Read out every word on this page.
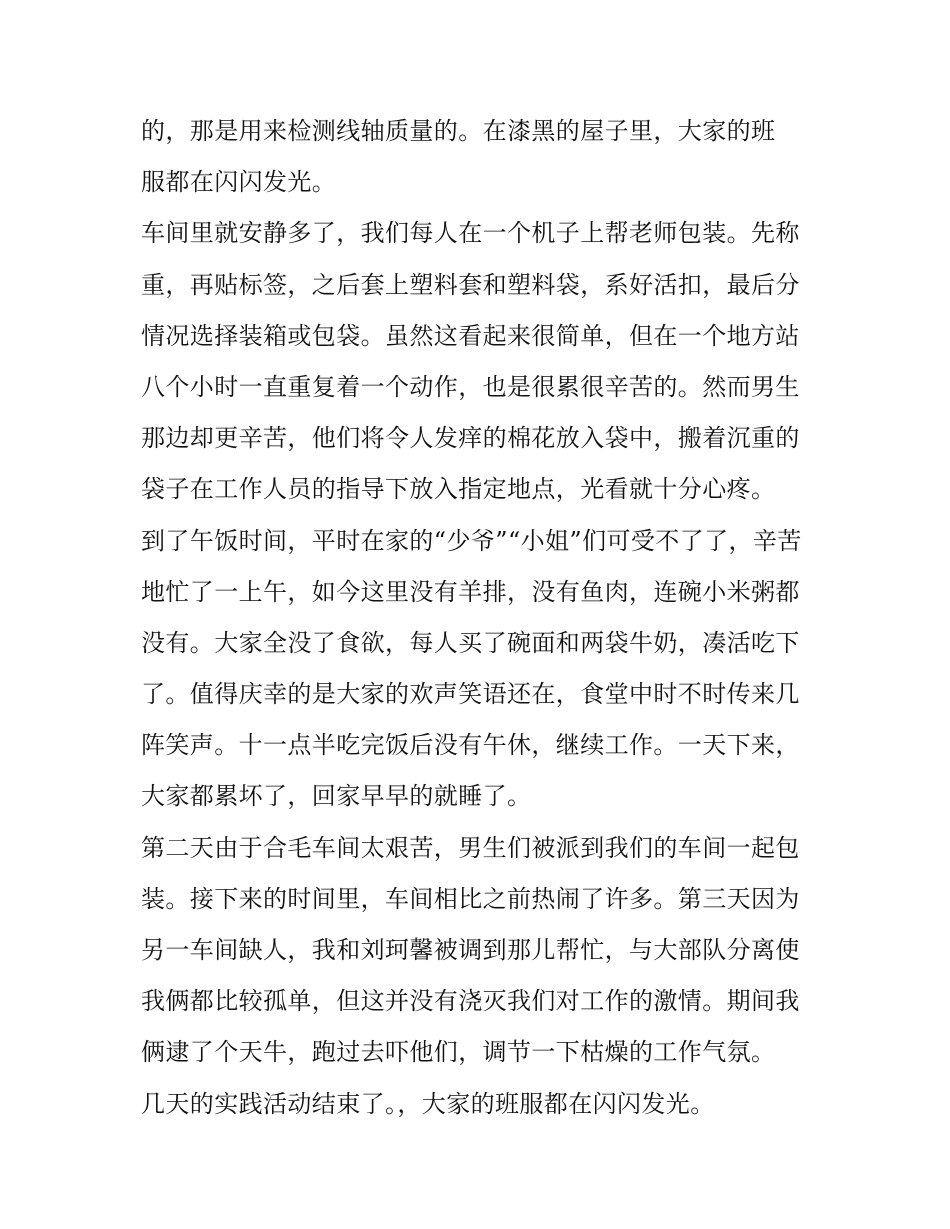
的，那是用来检测线轴质量的。在漆黑的屋子里，大家的班
服都在闪闪发光。
车间里就安静多了，我们每人在一个机子上帮老师包装。先称
重，再贴标签，之后套上塑料套和塑料袋，系好活扣，最后分
情况选择装箱或包袋。虽然这看起来很简单，但在一个地方站
八个小时一直重复着一个动作，也是很累很辛苦的。然而男生
那边却更辛苦，他们将令人发痒的棉花放入袋中，搬着沉重的
袋子在工作人员的指导下放入指定地点，光看就十分心疼。
到了午饭时间，平时在家的“少爷”“小姐”们可受不了了，辛苦
地忙了一上午，如今这里没有羊排，没有鱼肉，连碗小米粥都
没有。大家全没了食欲，每人买了碗面和两袋牛奶，凑活吃下
了。值得庆幸的是大家的欢声笑语还在，食堂中时不时传来几
阵笑声。十一点半吃完饭后没有午休，继续工作。一天下来，
大家都累坏了，回家早早的就睡了。
第二天由于合毛车间太艰苦，男生们被派到我们的车间一起包
装。接下来的时间里，车间相比之前热闹了许多。第三天因为
另一车间缺人，我和刘珂馨被调到那儿帮忙，与大部队分离使
我俩都比较孤单，但这并没有浇灭我们对工作的激情。期间我
俩逮了个天牛，跑过去吓他们，调节一下枯燥的工作气氛。
几天的实践活动结束了。，大家的班服都在闪闪发光。
